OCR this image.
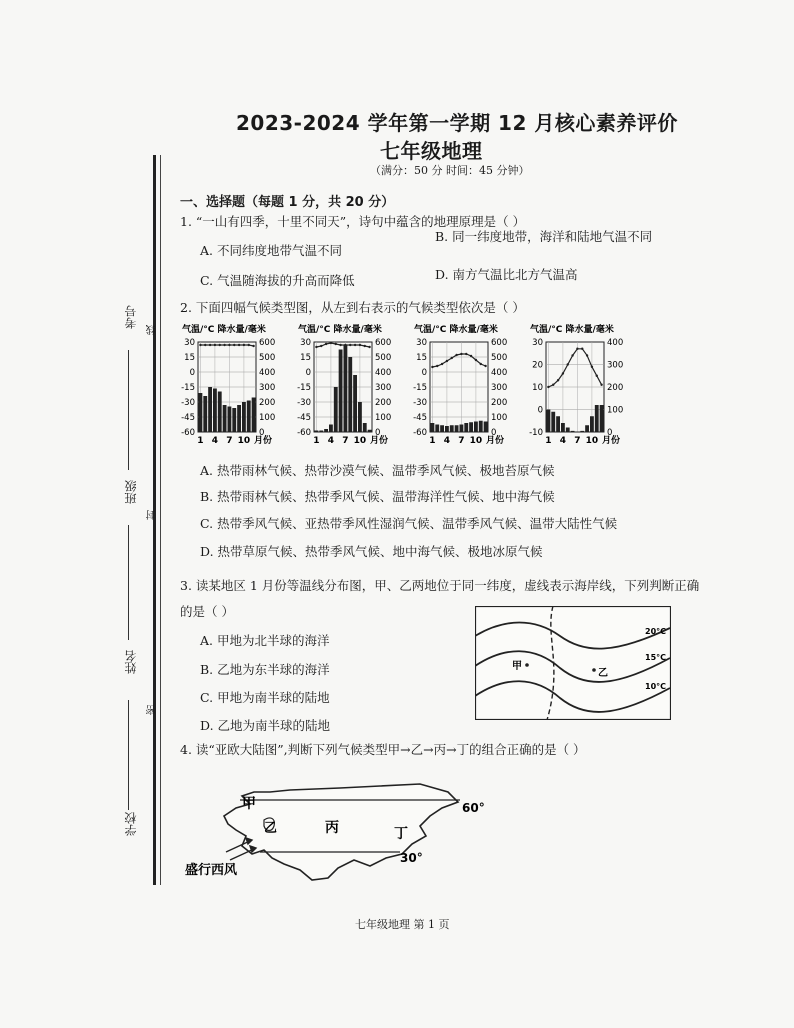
2023-2024 学年第一学期 12 月核心素养评价
七年级地理
（满分：50 分 时间：45 分钟）
考号
线
班级
封
姓名
密
学校
一、选择题（每题 1 分，共 20 分）
1. “一山有四季，十里不同天”，诗句中蕴含的地理原理是（ ）
A. 不同纬度地带气温不同
B. 同一纬度地带，海洋和陆地气温不同
C. 气温随海拔的升高而降低	D. 南方气温比北方气温高
2. 下面四幅气候类型图，从左到右表示的气候类型依次是（ ）
气温/°C 降水量/毫米
30
15
0
-15
-30
-45
-60
600
500
400
300
200
100
0
1 4 7 10 月份
气温/°C 降水量/毫米
30
15
0
-15
-30
-45
-60
600
500
400
300
200
100
0
1 4 7 10 月份
气温/°C 降水量/毫米
30
15
0
-15
-30
-45
-60
600
500
400
300
200
100
0
1 4 7 10 月份
气温/°C 降水量/毫米
30
20
10
0
-10
400
300
200
100
0
1 4 7 10 月份
A. 热带雨林气候、热带沙漠气候、温带季风气候、极地苔原气候
B. 热带雨林气候、热带季风气候、温带海洋性气候、地中海气候
C. 热带季风气候、亚热带季风性湿润气候、温带季风气候、温带大陆性气候
D. 热带草原气候、热带季风气候、地中海气候、极地冰原气候
3. 读某地区 1 月份等温线分布图，甲、乙两地位于同一纬度，虚线表示海岸线，下列判断正确
的是（ ）
A. 甲地为北半球的海洋
B. 乙地为东半球的海洋
C. 甲地为南半球的陆地
D. 乙地为南半球的陆地
20°C
15°C
10°C
甲
乙
4. 读“亚欧大陆图”,判断下列气候类型甲→乙→丙→丁的组合正确的是（ ）
甲
乙	丙	丁
60°
30°
盛行西风
七年级地理 第 1 页
